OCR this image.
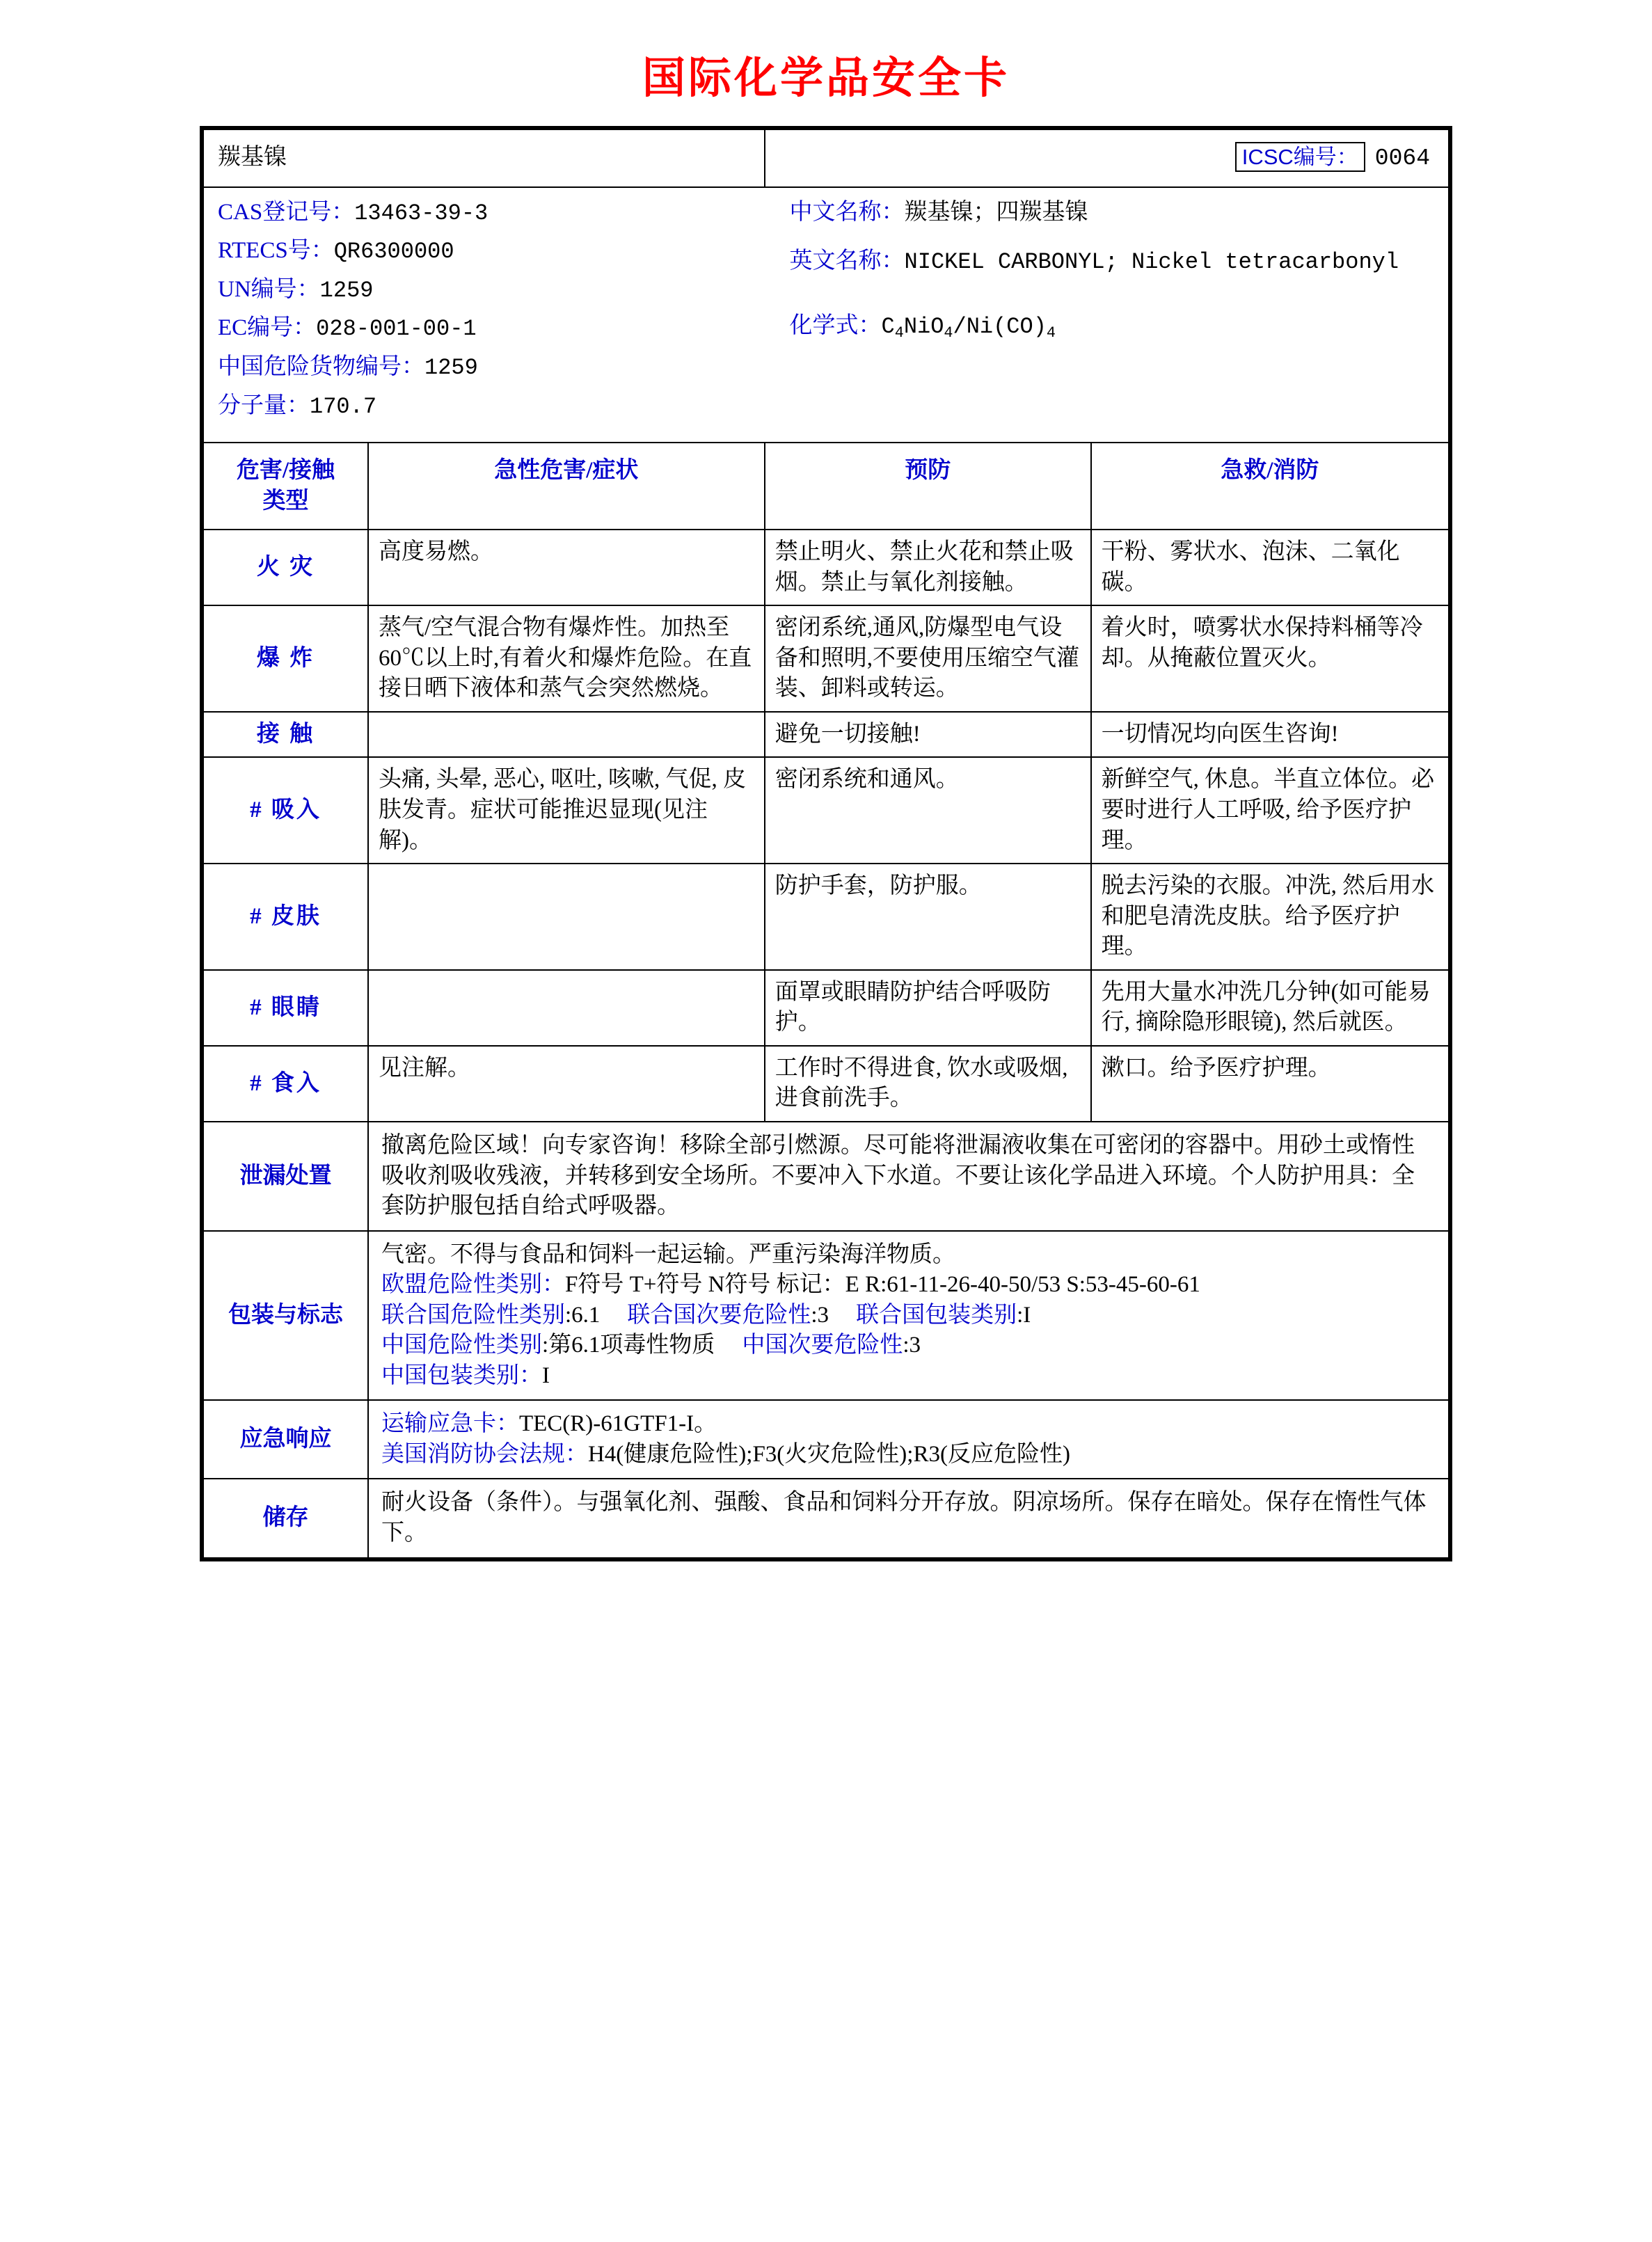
国际化学品安全卡
羰基镍		ICSC编号： 0064	

CAS登记号：13463-39-3
RTECS号：QR6300000
UN编号：1259
EC编号：028-001-00-1
中国危险货物编号：1259
分子量：170.7
中文名称：羰基镍；四羰基镍
英文名称：NICKEL CARBONYL; Nickel tetracarbonyl
化学式：$C_4NiO_4/Ni(CO)_4$

危害/接触
类型	急性危害/症状	预防	急救/消防
火 灾	高度易燃。	禁止明火、禁止火花和禁止吸烟。禁止与氧化剂接触。	干粉、雾状水、泡沫、二氧化碳。
爆 炸	蒸气/空气混合物有爆炸性。加热至60℃以上时,有着火和爆炸危险。在直接日晒下液体和蒸气会突然燃烧。	密闭系统,通风,防爆型电气设备和照明,不要使用压缩空气灌装、卸料或转运。	着火时，喷雾状水保持料桶等冷却。从掩蔽位置灭火。
接 触		避免一切接触!	一切情况均向医生咨询!
# 吸入	头痛, 头晕, 恶心, 呕吐, 咳嗽, 气促, 皮肤发青。症状可能推迟显现(见注解)。	密闭系统和通风。	新鲜空气, 休息。半直立体位。必要时进行人工呼吸, 给予医疗护理。
# 皮肤		防护手套，防护服。	脱去污染的衣服。冲洗, 然后用水和肥皂清洗皮肤。给予医疗护理。
# 眼睛		面罩或眼睛防护结合呼吸防护。	先用大量水冲洗几分钟(如可能易行, 摘除隐形眼镜), 然后就医。
# 食入	见注解。	工作时不得进食, 饮水或吸烟, 进食前洗手。	漱口。给予医疗护理。
泄漏处置	撤离危险区域！向专家咨询！移除全部引燃源。尽可能将泄漏液收集在可密闭的容器中。用砂土或惰性吸收剂吸收残液，并转移到安全场所。不要冲入下水道。不要让该化学品进入环境。个人防护用具：全套防护服包括自给式呼吸器。		
包装与标志	气密。不得与食品和饲料一起运输。严重污染海洋物质。
欧盟危险性类别：F符号 T+符号 N符号 标记：E R:61-11-26-40-50/53 S:53-45-60-61
联合国危险性类别:6.1 联合国次要危险性:3 联合国包装类别:I
中国危险性类别:第6.1项毒性物质 中国次要危险性:3
中国包装类别：I		

应急响应	运输应急卡：TEC(R)-61GTF1-I。
美国消防协会法规：H4(健康危险性);F3(火灾危险性);R3(反应危险性)		

储存	耐火设备（条件）。与强氧化剂、强酸、食品和饲料分开存放。阴凉场所。保存在暗处。保存在惰性气体下。		
